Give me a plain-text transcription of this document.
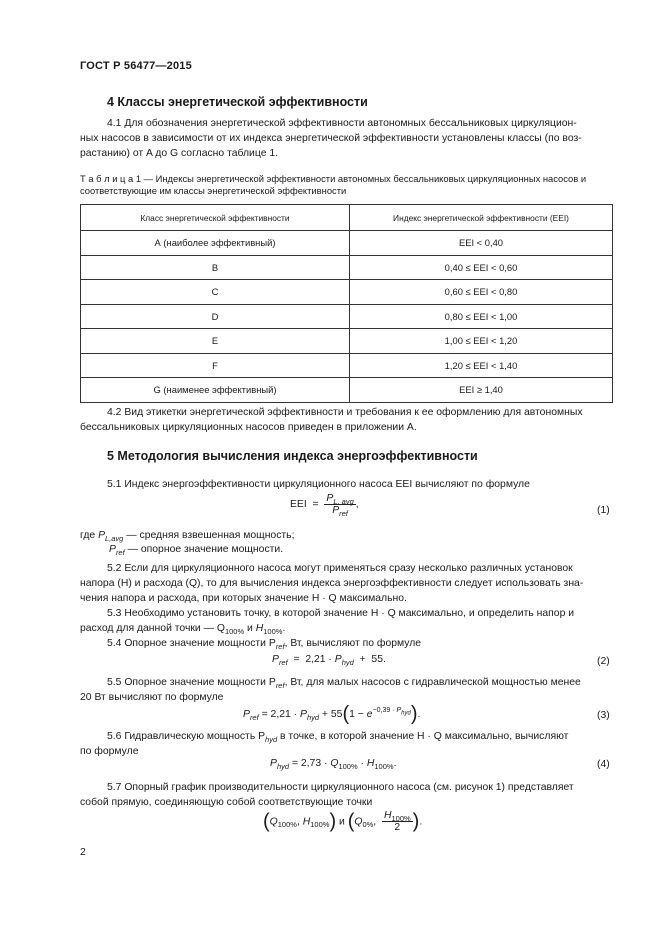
ГОСТ Р 56477—2015
4 Классы энергетической эффективности
4.1 Для обозначения энергетической эффективности автономных бессальниковых циркуляцион-
ных насосов в зависимости от их индекса энергетической эффективности установлены классы (по воз-
растанию) от A до G согласно таблице 1.
Т а б л и ц а 1 — Индексы энергетической эффективности автономных бессальниковых циркуляционных насосов и
соответствующие им классы энергетической эффективности
Класс энергетической эффективности	Индекс энергетической эффективности (EEI)
А (наиболее эффективный)	EEI < 0,40
В	0,40 ≤ EEI < 0,60
С	0,60 ≤ EEI < 0,80
D	0,80 ≤ EEI < 1,00
Е	1,00 ≤ EEI < 1,20
F	1,20 ≤ EEI < 1,40
G (наименее эффективный)	EEI ≥ 1,40
4.2 Вид этикетки энергетической эффективности и требования к ее оформлению для автономных
бессальниковых циркуляционных насосов приведен в приложении А.
5 Методология вычисления индекса энергоэффективности
5.1 Индекс энергоэффективности циркуляционного насоса EEI вычисляют по формуле
EEI  = $\frac{P_{L, avg}}{P_{ref}}$ ,
(1)
где $P_{L,avg}$ — средняя взвешенная мощность;
$P_{ref}$ — опорное значение мощности.
5.2 Если для циркуляционного насоса могут применяться сразу несколько различных установок
напора (H) и расхода (Q), то для вычисления индекса энергоэффективности следует использовать зна-
чения напора и расхода, при которых значение H · Q максимально.
5.3 Необходимо установить точку, в которой значение H · Q максимально, и определить напор и
расход для данной точки — $Q_{100\%}$ и $H_{100\%}$.
5.4 Опорное значение мощности $P_{ref}$, Вт, вычисляют по формуле
$P_{ref} = 2,21 \cdot P_{hyd} + 55$.	(2)
5.5 Опорное значение мощности $P_{ref}$, Вт, для малых насосов с гидравлической мощностью менее
20 Вт вычисляют по формуле
$P_{ref} = 2,21 \cdot P_{hyd} + 55(1 - e^{-0,39 \cdot P_{hyd}})$.	(3)
5.6 Гидравлическую мощность $P_{hyd}$ в точке, в которой значение H · Q максимально, вычисляют
по формуле
$P_{hyd} = 2,73 \cdot Q_{100\%} \cdot H_{100\%}$.	(4)
5.7 Опорный график производительности циркуляционного насоса (см. рисунок 1) представляет
собой прямую, соединяющую собой соответствующие точки
($Q_{100\%}$, $H_{100\%}$) и ($Q_{0\%}$, $\frac{H_{100\%}}{2}$ ).
2
